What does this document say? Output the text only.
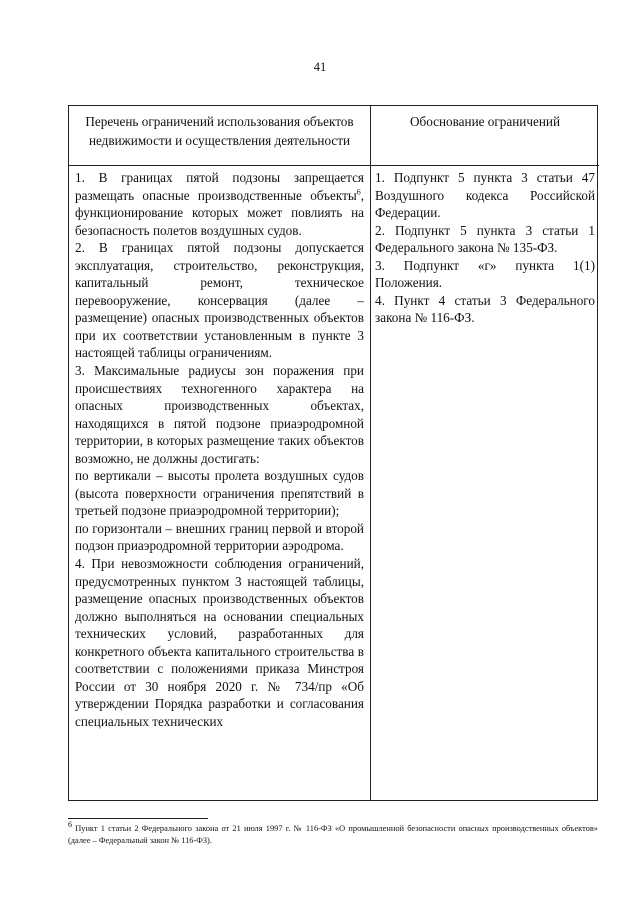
41
Перечень ограничений использования объектов недвижимости и осуществления деятельности
Обоснование ограничений

1. В границах пятой подзоны запрещается размещать опасные производственные объекты$^6$, функционирование которых может повлиять на безопасность полетов воздушных судов.

2. В границах пятой подзоны допускается эксплуатация, строительство, реконструкция, капитальный ремонт, техническое перевооружение, консервация (далее – размещение) опасных производственных объектов при их соответствии установленным в пункте 3 настоящей таблицы ограничениям.

3. Максимальные радиусы зон поражения при происшествиях техногенного характера на опасных производственных объектах, находящихся в пятой подзоне приаэродромной территории, в которых размещение таких объектов возможно, не должны достигать:

по вертикали – высоты пролета воздушных судов (высота поверхности ограничения препятствий в третьей подзоне приаэродромной территории);

по горизонтали – внешних границ первой и второй подзон приаэродромной территории аэродрома.

4. При невозможности соблюдения ограничений, предусмотренных пунктом 3 настоящей таблицы, размещение опасных производственных объектов должно выполняться на основании специальных технических условий, разработанных для конкретного объекта капитального строительства в соответствии с положениями приказа Минстроя России от 30 ноября 2020 г. № 734/пр «Об утверждении Порядка разработки и согласования специальных технических

1. Подпункт 5 пункта 3 статьи 47 Воздушного кодекса Российской Федерации.

2. Подпункт 5 пункта 3 статьи 1 Федерального закона № 135-ФЗ.

3. Подпункт «г» пункта 1(1) Положения.

4. Пункт 4 статьи 3 Федерального закона № 116-ФЗ.

$^6$ Пункт 1 статьи 2 Федерального закона от 21 июля 1997 г. № 116-ФЗ «О промышленной безопасности опасных производственных объектов» (далее – Федеральный закон № 116-ФЗ).
